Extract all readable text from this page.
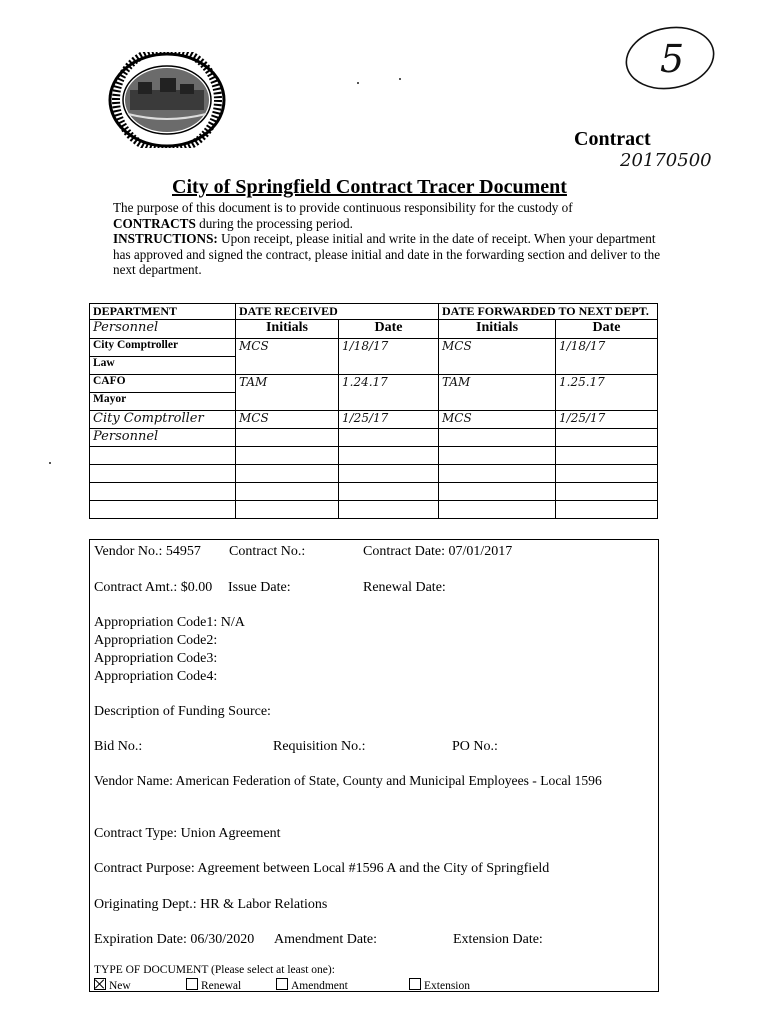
5
Contract
20170500
City of Springfield Contract Tracer Document
The purpose of this document is to provide continuous responsibility for the custody of
CONTRACTS during the processing period.
INSTRUCTIONS: Upon receipt, please initial and write in the date of receipt. When your department has approved and signed the contract, please initial and date in the forwarding section and deliver to the next department.
DEPARTMENT	DATE RECEIVED		DATE FORWARDED TO NEXT DEPT.	
Personnel	Initials	Date	Initials	Date
City Comptroller	MCS	1/18/17	MCS	1/18/17
Law				
CAFO	TAM	1.24.17	TAM	1.25.17
Mayor				
City Comptroller	MCS	1/25/17	MCS	1/25/17
Personnel				

Vendor No.: 54957 Contract No.:	Contract Date: 07/01/2017
Contract Amt.: $0.00 Issue Date:	Renewal Date:
Appropriation Code1: N/A
Appropriation Code2:
Appropriation Code3:
Appropriation Code4:
Description of Funding Source:
Bid No.:	Requisition No.:	PO No.:
Vendor Name: American Federation of State, County and Municipal Employees - Local 1596
Contract Type: Union Agreement
Contract Purpose: Agreement between Local #1596 A and the City of Springfield
Originating Dept.: HR & Labor Relations
Expiration Date: 06/30/2020 Amendment Date:	Extension Date:
TYPE OF DOCUMENT (Please select at least one):
New	Renewal	Amendment	Extension
